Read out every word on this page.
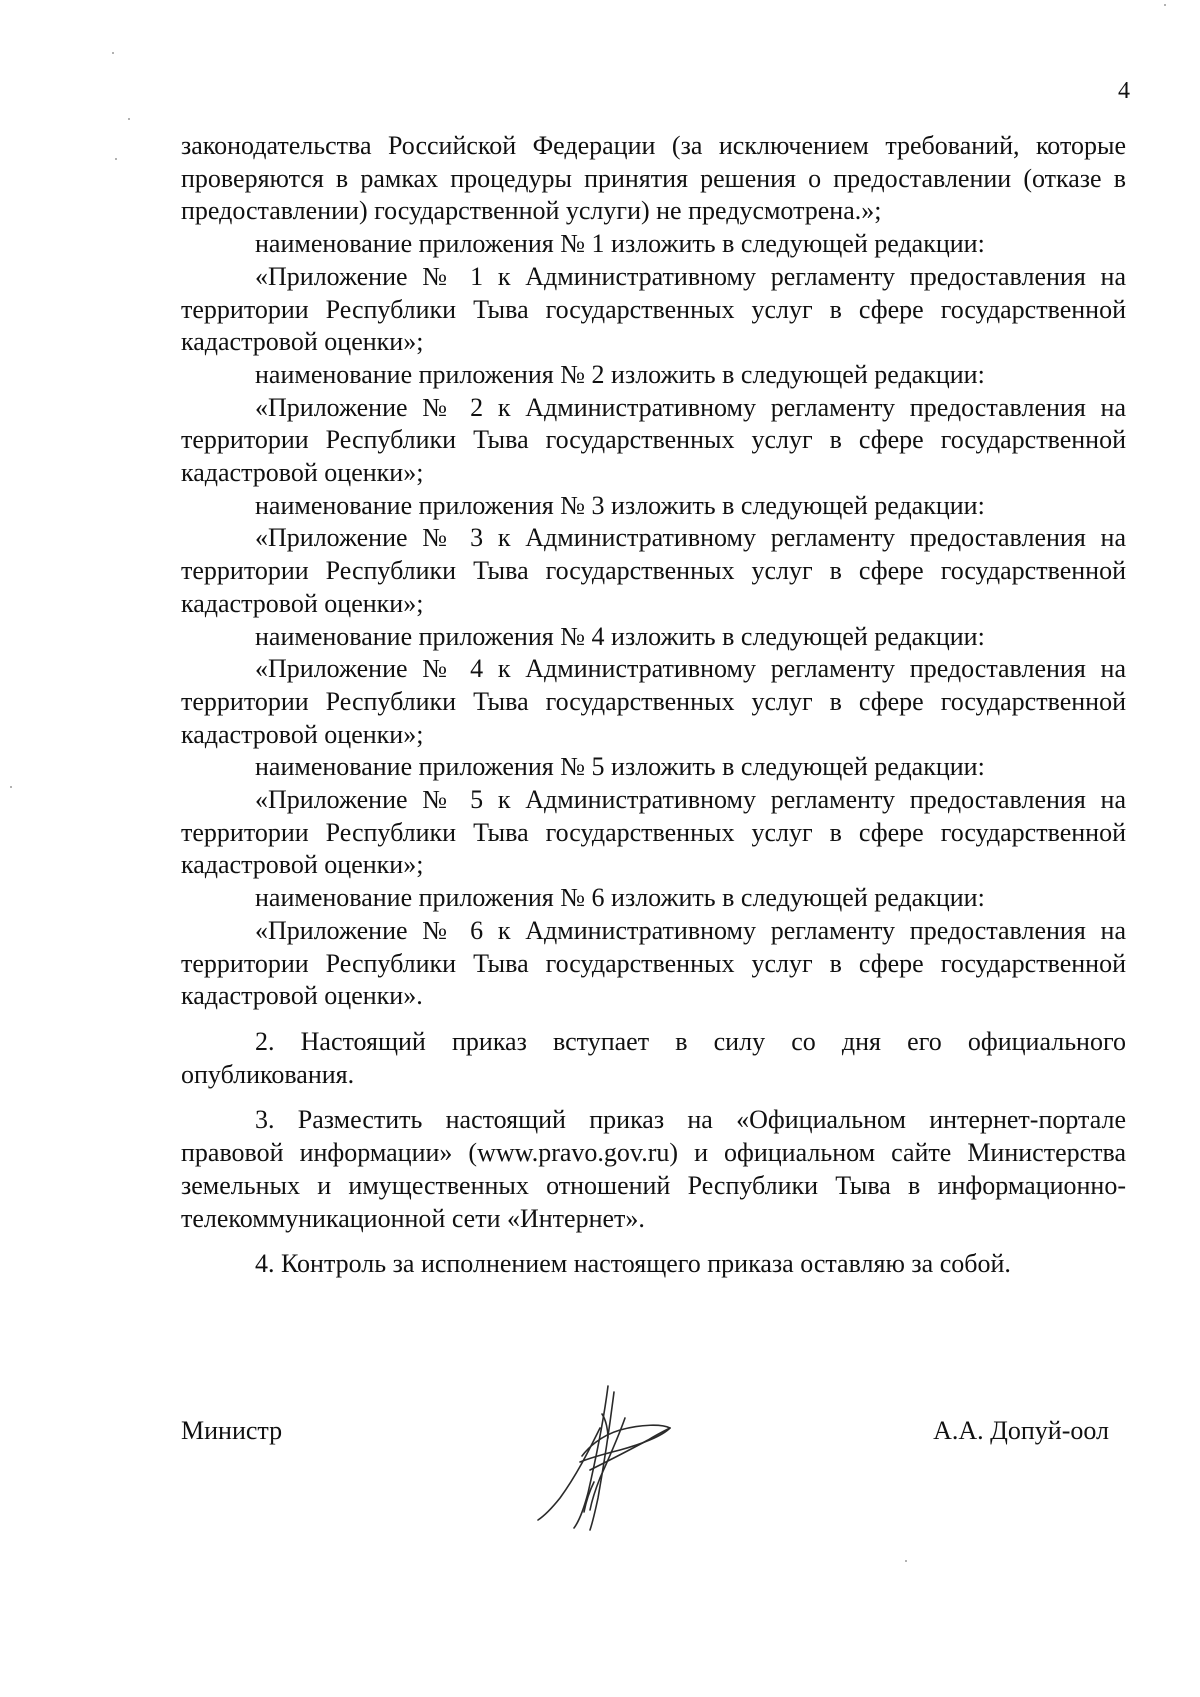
4

законодательства Российской Федерации (за исключением требований, которые проверяются в рамках процедуры принятия решения о предоставлении (отказе в предоставлении) государственной услуги) не предусмотрена.»;

наименование приложения № 1 изложить в следующей редакции:

«Приложение № 1 к Административному регламенту предоставления на территории Республики Тыва государственных услуг в сфере государственной кадастровой оценки»;

наименование приложения № 2 изложить в следующей редакции:

«Приложение № 2 к Административному регламенту предоставления на территории Республики Тыва государственных услуг в сфере государственной кадастровой оценки»;

наименование приложения № 3 изложить в следующей редакции:

«Приложение № 3 к Административному регламенту предоставления на территории Республики Тыва государственных услуг в сфере государственной кадастровой оценки»;

наименование приложения № 4 изложить в следующей редакции:

«Приложение № 4 к Административному регламенту предоставления на территории Республики Тыва государственных услуг в сфере государственной кадастровой оценки»;

наименование приложения № 5 изложить в следующей редакции:

«Приложение № 5 к Административному регламенту предоставления на территории Республики Тыва государственных услуг в сфере государственной кадастровой оценки»;

наименование приложения № 6 изложить в следующей редакции:

«Приложение № 6 к Административному регламенту предоставления на территории Республики Тыва государственных услуг в сфере государственной кадастровой оценки».

2. Настоящий приказ вступает в силу со дня его официального опубликования.

3. Разместить настоящий приказ на «Официальном интернет-портале правовой информации» (www.pravo.gov.ru) и официальном сайте Министерства земельных и имущественных отношений Республики Тыва в информационно-телекоммуникационной сети «Интернет».

4. Контроль за исполнением настоящего приказа оставляю за собой.

Министр	А.А. Допуй-оол
